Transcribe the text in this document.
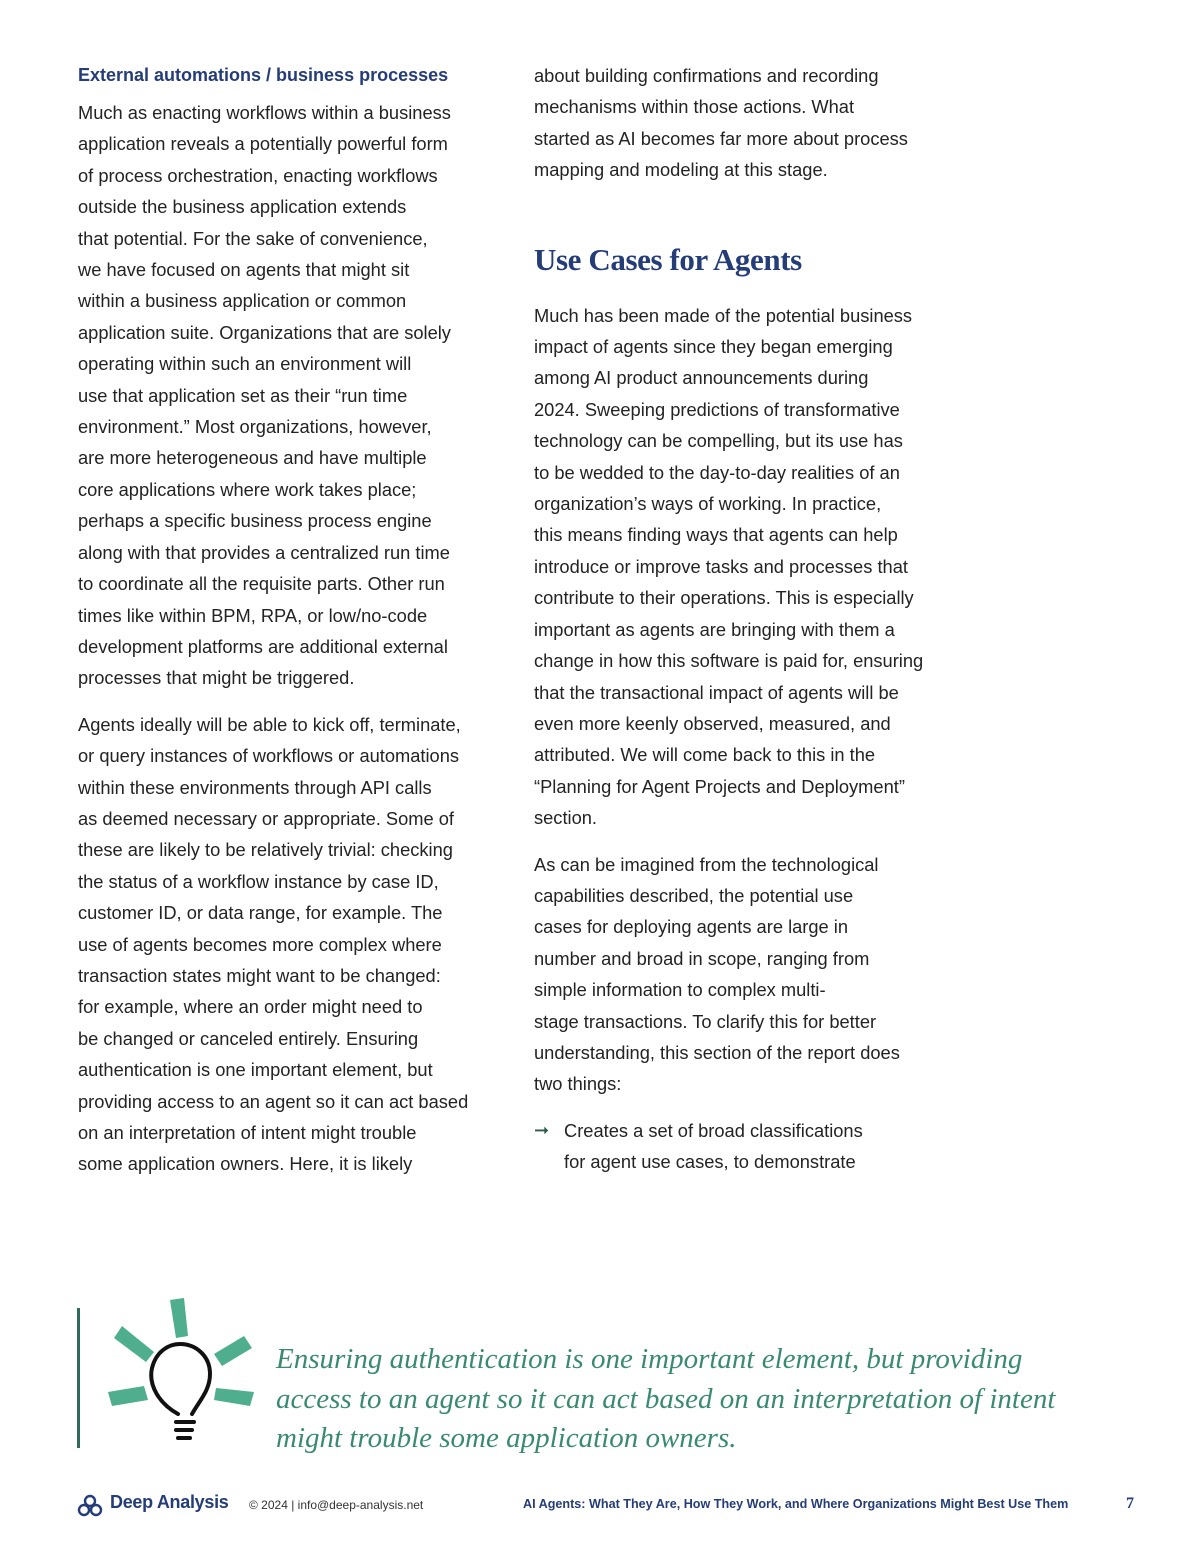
External automations / business processes
Much as enacting workflows within a business
application reveals a potentially powerful form
of process orchestration, enacting workflows
outside the business application extends
that potential. For the sake of convenience,
we have focused on agents that might sit
within a business application or common
application suite. Organizations that are solely
operating within such an environment will
use that application set as their “run time
environment.” Most organizations, however,
are more heterogeneous and have multiple
core applications where work takes place;
perhaps a specific business process engine
along with that provides a centralized run time
to coordinate all the requisite parts. Other run
times like within BPM, RPA, or low/no-code
development platforms are additional external
processes that might be triggered.
Agents ideally will be able to kick off, terminate,
or query instances of workflows or automations
within these environments through API calls
as deemed necessary or appropriate. Some of
these are likely to be relatively trivial: checking
the status of a workflow instance by case ID,
customer ID, or data range, for example. The
use of agents becomes more complex where
transaction states might want to be changed:
for example, where an order might need to
be changed or canceled entirely. Ensuring
authentication is one important element, but
providing access to an agent so it can act based
on an interpretation of intent might trouble
some application owners. Here, it is likely
about building confirmations and recording
mechanisms within those actions. What
started as AI becomes far more about process
mapping and modeling at this stage.
Use Cases for Agents
Much has been made of the potential business
impact of agents since they began emerging
among AI product announcements during
2024. Sweeping predictions of transformative
technology can be compelling, but its use has
to be wedded to the day-to-day realities of an
organization’s ways of working. In practice,
this means finding ways that agents can help
introduce or improve tasks and processes that
contribute to their operations. This is especially
important as agents are bringing with them a
change in how this software is paid for, ensuring
that the transactional impact of agents will be
even more keenly observed, measured, and
attributed. We will come back to this in the
“Planning for Agent Projects and Deployment”
section.
As can be imagined from the technological
capabilities described, the potential use
cases for deploying agents are large in
number and broad in scope, ranging from
simple information to complex multi-
stage transactions. To clarify this for better
understanding, this section of the report does
two things:
➞ Creates a set of broad classifications
for agent use cases, to demonstrate
Ensuring authentication is one important element, but providing
access to an agent so it can act based on an interpretation of intent
might trouble some application owners.
Deep Analysis © 2024 | info@deep-analysis.net	AI Agents: What They Are, How They Work, and Where Organizations Might Best Use Them	7
